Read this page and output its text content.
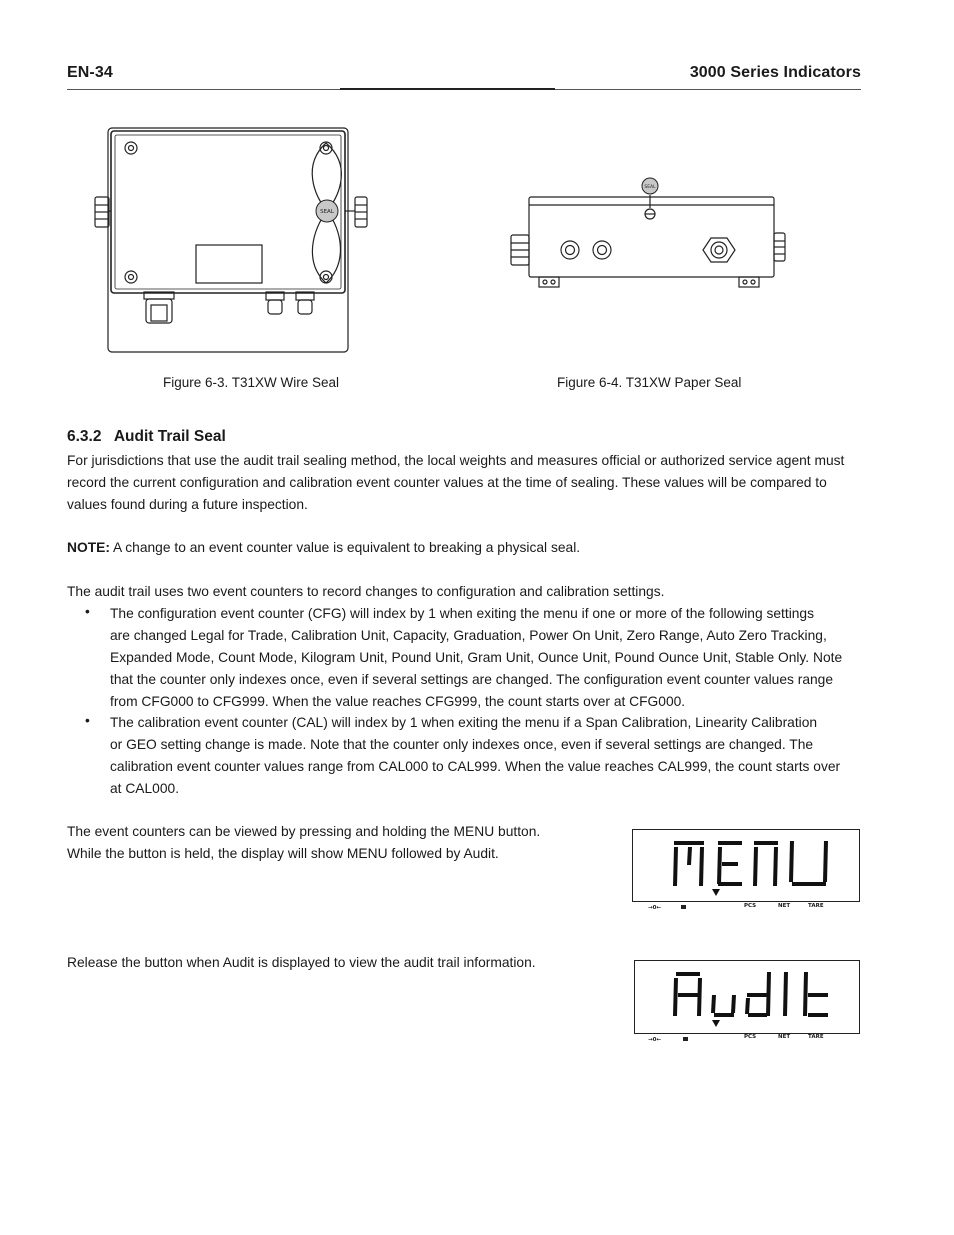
EN-34	3000 Series Indicators
SEAL
SEAL
Figure 6-3. T31XW Wire Seal	Figure 6-4. T31XW Paper Seal
6.3.2   Audit Trail Seal
For jurisdictions that use the audit trail sealing method, the local weights and measures official or authorized service agent must
record the current configuration and calibration event counter values at the time of sealing. These values will be compared to
values found during a future inspection.
NOTE: A change to an event counter value is equivalent to breaking a physical seal.
The audit trail uses two event counters to record changes to configuration and calibration settings.
• The configuration event counter (CFG) will index by 1 when exiting the menu if one or more of the following settings
are changed Legal for Trade, Calibration Unit, Capacity, Graduation, Power On Unit, Zero Range, Auto Zero Tracking,
Expanded Mode, Count Mode, Kilogram Unit, Pound Unit, Gram Unit, Ounce Unit, Pound Ounce Unit, Stable Only. Note
that the counter only indexes once, even if several settings are changed. The configuration event counter values range
from CFG000 to CFG999. When the value reaches CFG999, the count starts over at CFG000.
• The calibration event counter (CAL) will index by 1 when exiting the menu if a Span Calibration, Linearity Calibration
or GEO setting change is made. Note that the counter only indexes once, even if several settings are changed. The
calibration event counter values range from CAL000 to CAL999. When the value reaches CAL999, the count starts over
at CAL000.
The event counters can be viewed by pressing and holding the MENU button.
While the button is held, the display will show MENU followed by Audit.
Release the button when Audit is displayed to view the audit trail information.
→0←	PCS	NET	TARE
→0←	PCS	NET	TARE
